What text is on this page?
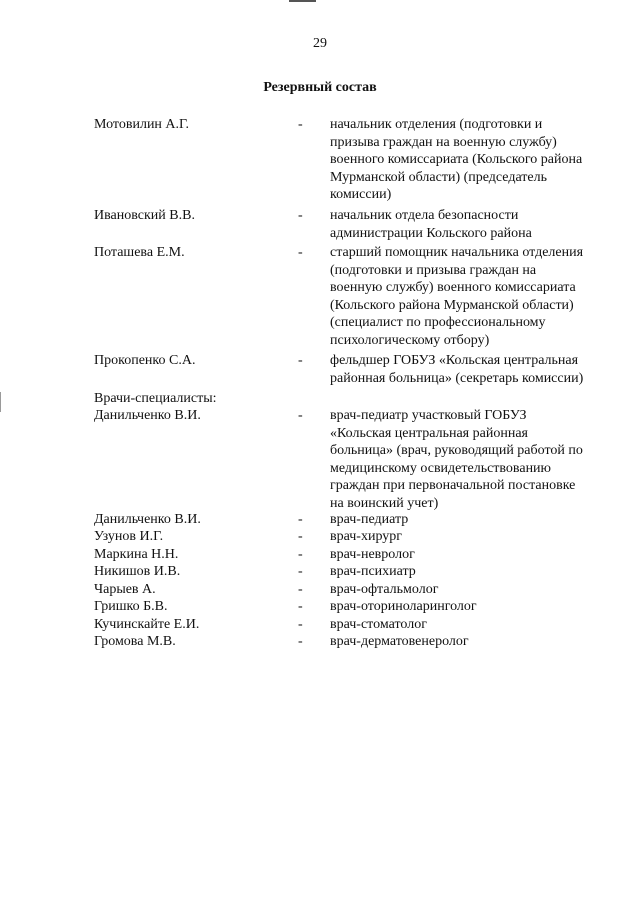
29
Резервный состав
Мотовилин А.Г.	- начальник отделения (подготовки и
призыва граждан на военную службу)
военного комиссариата (Кольского района
Мурманской области) (председатель
комиссии)
Ивановский В.В.	- начальник отдела безопасности
администрации Кольского района
Поташева Е.М.	- старший помощник начальника отделения
(подготовки и призыва граждан на
военную службу) военного комиссариата
(Кольского района Мурманской области)
(специалист по профессиональному
психологическому отбору)
Прокопенко С.А.	- фельдшер ГОБУЗ «Кольская центральная
районная больница» (секретарь комиссии)
Врачи-специалисты:
Данильченко В.И.	- врач-педиатр участковый ГОБУЗ
«Кольская центральная районная
больница» (врач, руководящий работой по
медицинскому освидетельствованию
граждан при первоначальной постановке
на воинский учет)
Данильченко В.И.	- врач-педиатр
Узунов И.Г.	- врач-хирург
Маркина Н.Н.	- врач-невролог
Никишов И.В.	- врач-психиатр
Чарыев А.	- врач-офтальмолог
Гришко Б.В.	- врач-оториноларинголог
Кучинскайте Е.И.	- врач-стоматолог
Громова М.В.	- врач-дерматовенеролог
